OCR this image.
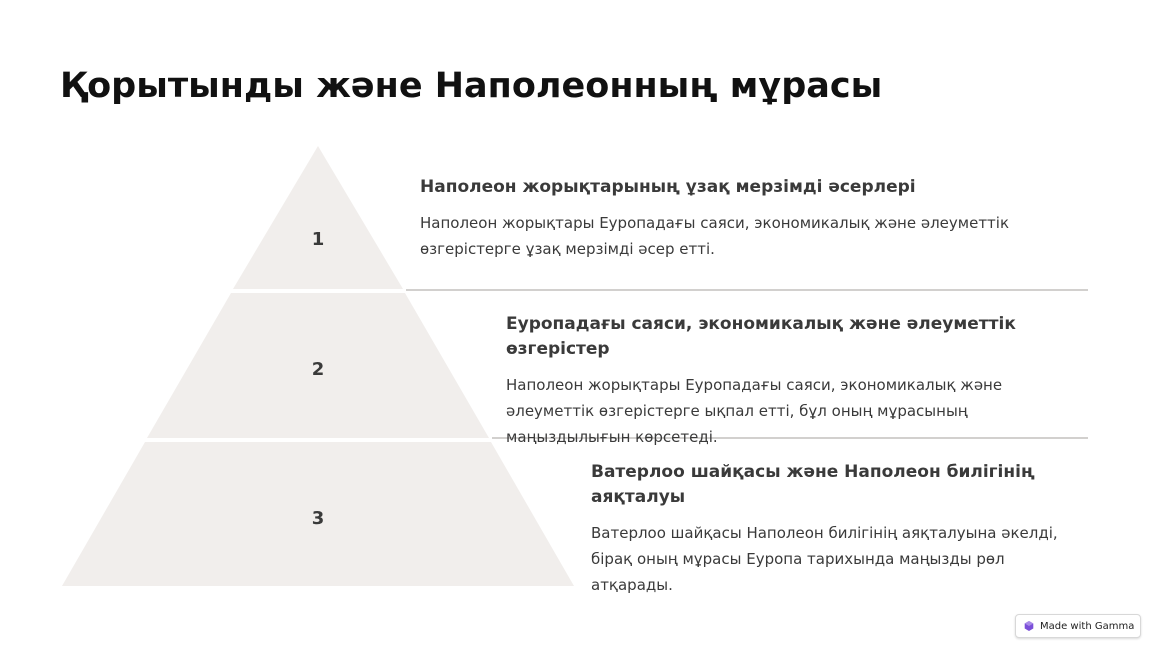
Қорытынды және Наполеонның мұрасы
1
2
3
Наполеон жорықтарының ұзақ мерзімді әсерлері

Наполеон жорықтары Еуропадағы саяси, экономикалық және әлеуметтік өзгерістерге ұзақ мерзімді әсер етті.

Еуропадағы саяси, экономикалық және әлеуметтік өзгерістер

Наполеон жорықтары Еуропадағы саяси, экономикалық және әлеуметтік өзгерістерге ықпал етті, бұл оның мұрасының маңыздылығын көрсетеді.

Ватерлоо шайқасы және Наполеон билігінің аяқталуы

Ватерлоо шайқасы Наполеон билігінің аяқталуына әкелді, бірақ оның мұрасы Еуропа тарихында маңызды рөл атқарады.

Made with Gamma
